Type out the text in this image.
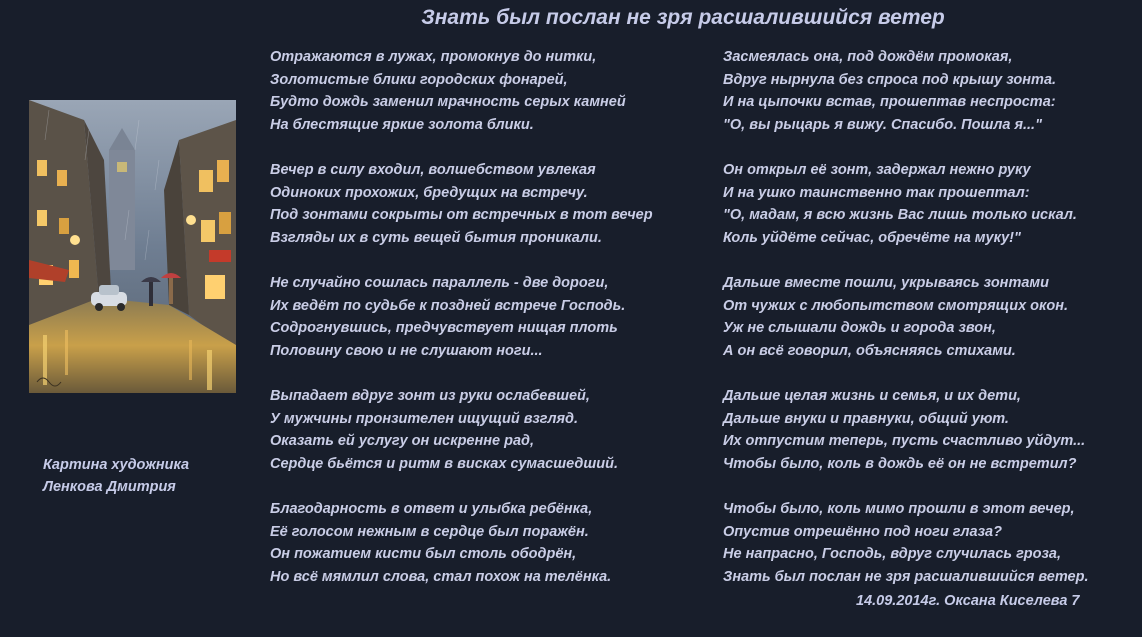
Знать был послан не зря расшалившийся ветер
Картина художника
Ленкова Дмитрия
Отражаются в лужах, промокнув до нитки,
Золотистые блики городских фонарей,
Будто дождь заменил мрачность серых камней
На блестящие яркие золота блики.
Вечер в силу входил, волшебством увлекая
Одиноких прохожих, бредущих на встречу.
Под зонтами сокрыты от встречных в тот вечер
Взгляды их в суть вещей бытия проникали.
Не случайно сошлась параллель - две дороги,
Их ведёт по судьбе к поздней встрече Господь.
Содрогнувшись, предчувствует нищая плоть
Половину свою и не слушают ноги...
Выпадает вдруг зонт из руки ослабевшей,
У мужчины пронзителен ищущий взгляд.
Оказать ей услугу он искренне рад,
Сердце бьётся и ритм в висках сумасшедший.
Благодарность в ответ и улыбка ребёнка,
Её голосом нежным в сердце был поражён.
Он пожатием кисти был столь ободрён,
Но всё мямлил слова, стал похож на телёнка.
Засмеялась она, под дождём промокая,
Вдруг нырнула без спроса под крышу зонта.
И на цыпочки встав, прошептав неспроста:
"О, вы рыцарь я вижу. Спасибо. Пошла я..."
Он открыл её зонт, задержал нежно руку
И на ушко таинственно так прошептал:
"О, мадам, я всю жизнь Вас лишь только искал.
Коль уйдёте сейчас, обречёте на муку!"
Дальше вместе пошли, укрываясь зонтами
От чужих с любопытством смотрящих окон.
Уж не слышали дождь и города звон,
А он всё говорил, объясняясь стихами.
Дальше целая жизнь и семья, и их дети,
Дальше внуки и правнуки, общий уют.
Их отпустим теперь, пусть счастливо уйдут...
Чтобы было, коль в дождь её он не встретил?
Чтобы было, коль мимо прошли в этот вечер,
Опустив отрешённо под ноги глаза?
Не напрасно, Господь, вдруг случилась гроза,
Знать был послан не зря расшалившийся ветер.
14.09.2014г. Оксана Киселева 7
